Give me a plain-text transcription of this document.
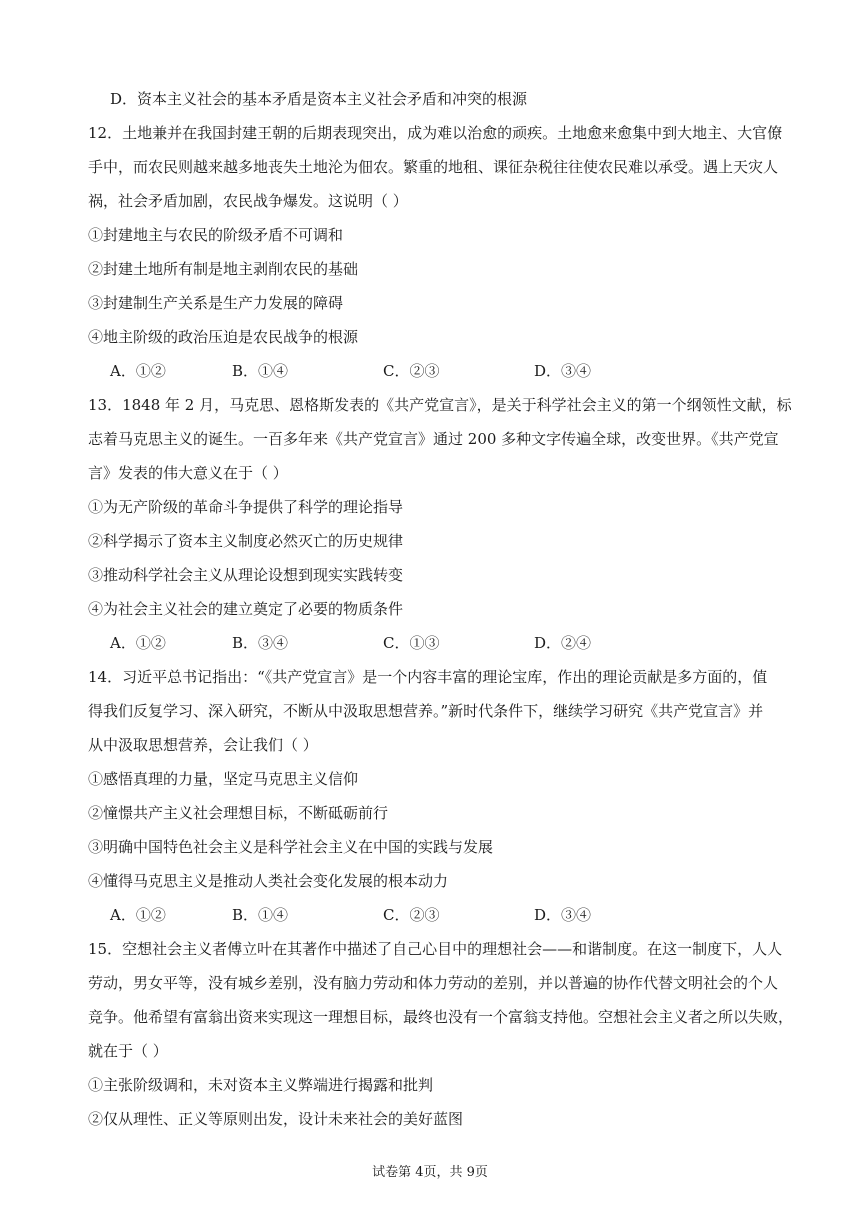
D．资本主义社会的基本矛盾是资本主义社会矛盾和冲突的根源
12．土地兼并在我国封建王朝的后期表现突出，成为难以治愈的顽疾。土地愈来愈集中到大地主、大官僚
手中，而农民则越来越多地丧失土地沦为佃农。繁重的地租、课征杂税往往使农民难以承受。遇上天灾人
祸，社会矛盾加剧，农民战争爆发。这说明（ ）
①封建地主与农民的阶级矛盾不可调和
②封建土地所有制是地主剥削农民的基础
③封建制生产关系是生产力发展的障碍
④地主阶级的政治压迫是农民战争的根源
A．①②	B．①④	C．②③	D．③④
13．1848 年 2 月，马克思、恩格斯发表的《共产党宣言》，是关于科学社会主义的第一个纲领性文献，标
志着马克思主义的诞生。一百多年来《共产党宣言》通过 200 多种文字传遍全球，改变世界。《共产党宣
言》发表的伟大意义在于（ ）
①为无产阶级的革命斗争提供了科学的理论指导
②科学揭示了资本主义制度必然灭亡的历史规律
③推动科学社会主义从理论设想到现实实践转变
④为社会主义社会的建立奠定了必要的物质条件
A．①②	B．③④	C．①③	D．②④
14．习近平总书记指出：“《共产党宣言》是一个内容丰富的理论宝库，作出的理论贡献是多方面的，值
得我们反复学习、深入研究，不断从中汲取思想营养。”新时代条件下，继续学习研究《共产党宣言》并
从中汲取思想营养，会让我们（ ）
①感悟真理的力量，坚定马克思主义信仰
②憧憬共产主义社会理想目标，不断砥砺前行
③明确中国特色社会主义是科学社会主义在中国的实践与发展
④懂得马克思主义是推动人类社会变化发展的根本动力
A．①②	B．①④	C．②③	D．③④
15．空想社会主义者傅立叶在其著作中描述了自己心目中的理想社会——和谐制度。在这一制度下，人人
劳动，男女平等，没有城乡差别，没有脑力劳动和体力劳动的差别，并以普遍的协作代替文明社会的个人
竞争。他希望有富翁出资来实现这一理想目标，最终也没有一个富翁支持他。空想社会主义者之所以失败，
就在于（ ）
①主张阶级调和，未对资本主义弊端进行揭露和批判
②仅从理性、正义等原则出发，设计未来社会的美好蓝图
试卷第 4页，共 9页
